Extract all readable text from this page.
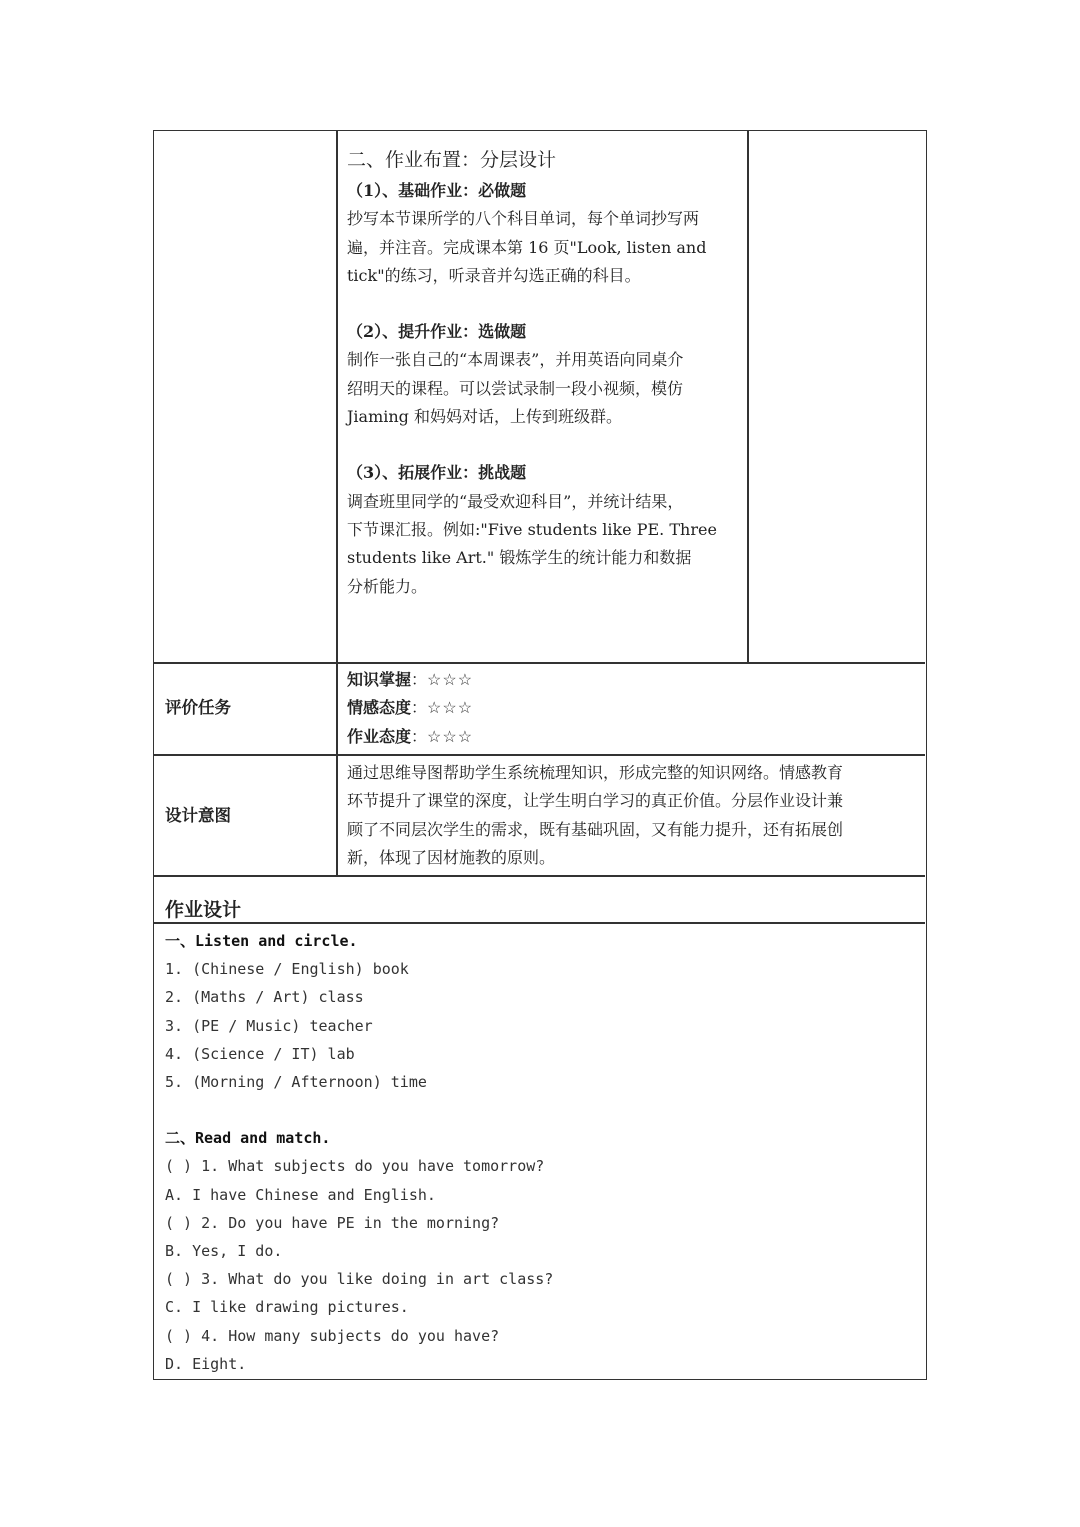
二、作业布置：分层设计
（1）、基础作业：必做题
抄写本节课所学的八个科目单词，每个单词抄写两
遍，并注音。完成课本第 16 页"Look, listen and
tick"的练习，听录音并勾选正确的科目。
（2）、提升作业：选做题
制作一张自己的“本周课表”，并用英语向同桌介
绍明天的课程。可以尝试录制一段小视频，模仿
Jiaming 和妈妈对话，上传到班级群。
（3）、拓展作业：挑战题
调查班里同学的“最受欢迎科目”，并统计结果，
下节课汇报。例如:"Five students like PE. Three
students like Art." 锻炼学生的统计能力和数据
分析能力。
评价任务
知识掌握：☆☆☆
情感态度：☆☆☆
作业态度：☆☆☆
设计意图
通过思维导图帮助学生系统梳理知识，形成完整的知识网络。情感教育
环节提升了课堂的深度，让学生明白学习的真正价值。分层作业设计兼
顾了不同层次学生的需求，既有基础巩固，又有能力提升，还有拓展创
新，体现了因材施教的原则。
作业设计
一、Listen and circle.
1. (Chinese / English) book
2. (Maths / Art) class
3. (PE / Music) teacher
4. (Science / IT) lab
5. (Morning / Afternoon) time
二、Read and match.
( ) 1. What subjects do you have tomorrow?
A. I have Chinese and English.
( ) 2. Do you have PE in the morning?
B. Yes, I do.
( ) 3. What do you like doing in art class?
C. I like drawing pictures.
( ) 4. How many subjects do you have?
D. Eight.
